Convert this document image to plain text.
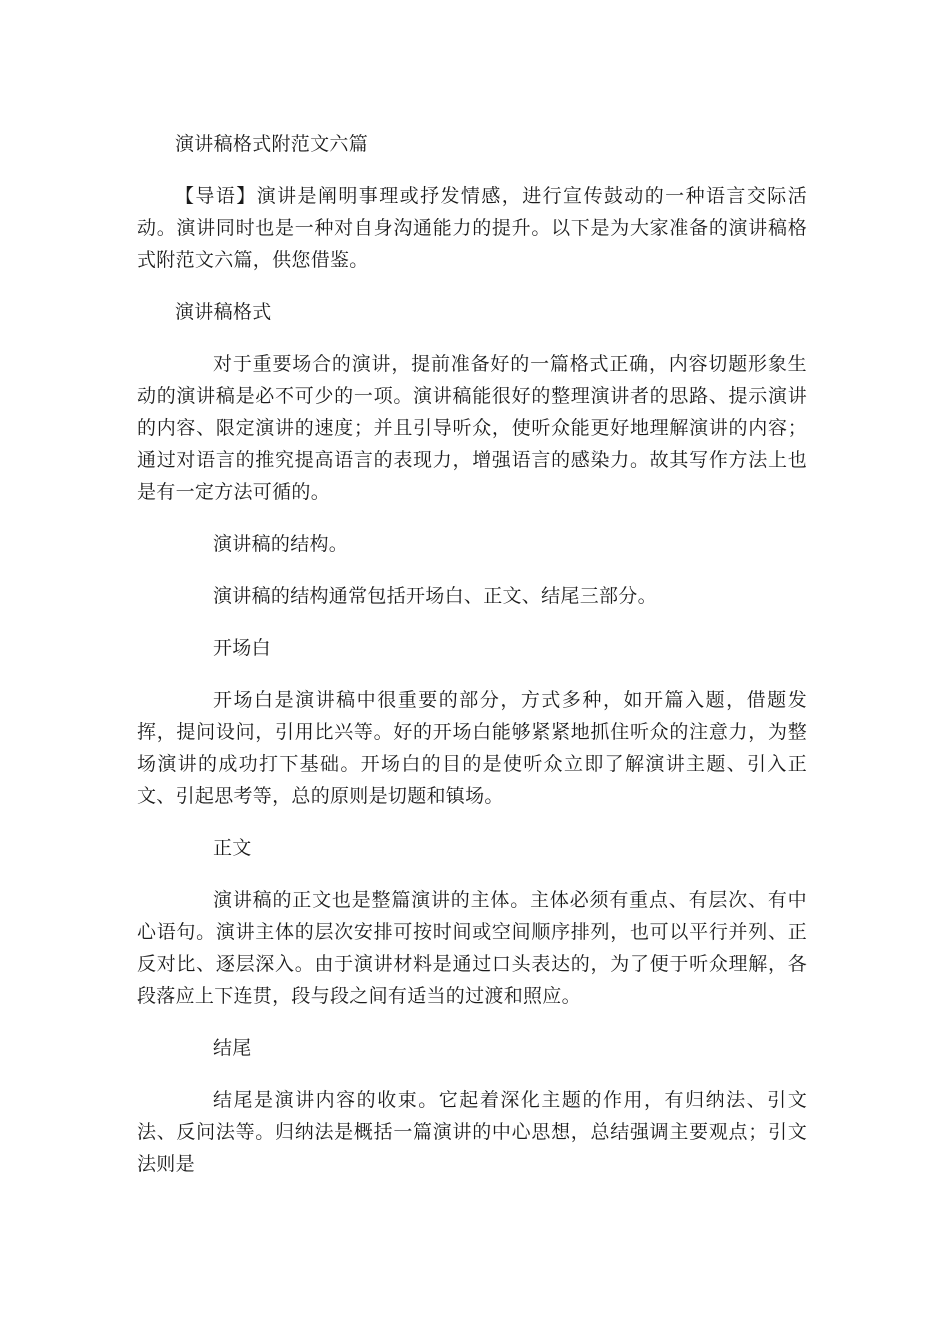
演讲稿格式附范文六篇

【导语】演讲是阐明事理或抒发情感，进行宣传鼓动的一种语言交际活动。演讲同时也是一种对自身沟通能力的提升。以下是为大家准备的演讲稿格式附范文六篇，供您借鉴。

演讲稿格式

对于重要场合的演讲，提前准备好的一篇格式正确，内容切题形象生动的演讲稿是必不可少的一项。演讲稿能很好的整理演讲者的思路、提示演讲的内容、限定演讲的速度；并且引导听众，使听众能更好地理解演讲的内容；通过对语言的推究提高语言的表现力，增强语言的感染力。故其写作方法上也是有一定方法可循的。

演讲稿的结构。

演讲稿的结构通常包括开场白、正文、结尾三部分。

开场白

开场白是演讲稿中很重要的部分，方式多种，如开篇入题，借题发挥，提问设问，引用比兴等。好的开场白能够紧紧地抓住听众的注意力，为整场演讲的成功打下基础。开场白的目的是使听众立即了解演讲主题、引入正文、引起思考等，总的原则是切题和镇场。

正文

演讲稿的正文也是整篇演讲的主体。主体必须有重点、有层次、有中心语句。演讲主体的层次安排可按时间或空间顺序排列，也可以平行并列、正反对比、逐层深入。由于演讲材料是通过口头表达的，为了便于听众理解，各段落应上下连贯，段与段之间有适当的过渡和照应。

结尾

结尾是演讲内容的收束。它起着深化主题的作用，有归纳法、引文法、反问法等。归纳法是概括一篇演讲的中心思想，总结强调主要观点；引文法则是
